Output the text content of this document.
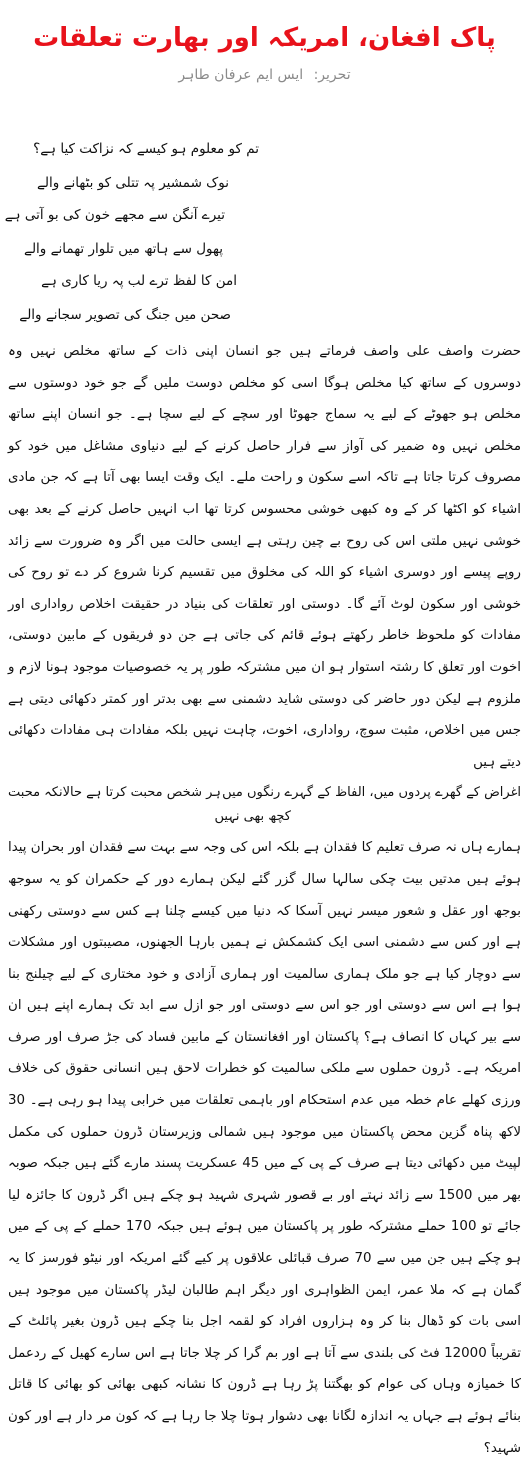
پاک افغان، امریکہ اور بھارت تعلقات
تحریر: ایس ایم عرفان طاہر
تم کو معلوم ہو کیسے کہ نزاکت کیا ہے؟
نوک شمشیر پہ تتلی کو بٹھانے والے
تیرے آنگن سے مجھے خون کی بو آتی ہے
پھول سے ہاتھ میں تلوار تھمانے والے
امن کا لفظ ترے لب پہ ریا کاری ہے
صحن میں جنگ کی تصویر سجانے والے

حضرت واصف علی واصف فرماتے ہیں جو انسان اپنی ذات کے ساتھ مخلص نہیں وہ دوسروں کے ساتھ کیا مخلص ہوگا اسی کو مخلص دوست ملیں گے جو خود دوستوں سے مخلص ہو جھوٹے کے لیے یہ سماج جھوٹا اور سچے کے لیے سچا ہے۔ جو انسان اپنے ساتھ مخلص نہیں وہ ضمیر کی آواز سے فرار حاصل کرنے کے لیے دنیاوی مشاغل میں خود کو مصروف کرتا جاتا ہے تاکہ اسے سکون و راحت ملے۔ ایک وقت ایسا بھی آتا ہے کہ جن مادی اشیاء کو اکٹھا کر کے وہ کبھی خوشی محسوس کرتا تھا اب انہیں حاصل کرنے کے بعد بھی خوشی نہیں ملتی اس کی روح بے چین رہتی ہے ایسی حالت میں اگر وہ ضرورت سے زائد روپے پیسے اور دوسری اشیاء کو اللہ کی مخلوق میں تقسیم کرنا شروع کر دے تو روح کی خوشی اور سکون لوٹ آئے گا۔ دوستی اور تعلقات کی بنیاد در حقیقت اخلاص رواداری اور مفادات کو ملحوظ خاطر رکھتے ہوئے قائم کی جاتی ہے جن دو فریقوں کے مابین دوستی، اخوت اور تعلق کا رشتہ استوار ہو ان میں مشترکہ طور پر یہ خصوصیات موجود ہونا لازم و ملزوم ہے لیکن دور حاضر کی دوستی شاید دشمنی سے بھی بدتر اور کمتر دکھائی دیتی ہے جس میں اخلاص، مثبت سوچ، رواداری، اخوت، چاہت نہیں بلکہ مفادات ہی مفادات دکھائی دیتے ہیں

اغراض کے گھرے پردوں میں، الفاظ کے گہرے رنگوں میں
ہر شخص محبت کرتا ہے حالانکہ محبت
کچھ بھی نہیں

ہمارے ہاں نہ صرف تعلیم کا فقدان ہے بلکہ اس کی وجہ سے بہت سے فقدان اور بحران پیدا ہوئے ہیں مدتیں بیت چکی سالہا سال گزر گئے لیکن ہمارے دور کے حکمران کو یہ سوجھ بوجھ اور عقل و شعور میسر نہیں آسکا کہ دنیا میں کیسے چلنا ہے کس سے دوستی رکھنی ہے اور کس سے دشمنی اسی ایک کشمکش نے ہمیں بارہا الجھنوں، مصیبتوں اور مشکلات سے دوچار کیا ہے جو ملک ہماری سالمیت اور ہماری آزادی و خود مختاری کے لیے چیلنج بنا ہوا ہے اس سے دوستی اور جو اس سے دوستی اور جو ازل سے ابد تک ہمارے اپنے ہیں ان سے بیر کہاں کا انصاف ہے؟ پاکستان اور افغانستان کے مابین فساد کی جڑ صرف اور صرف امریکہ ہے۔ ڈرون حملوں سے ملکی سالمیت کو خطرات لاحق ہیں انسانی حقوق کی خلاف ورزی کھلے عام خطہ میں عدم استحکام اور باہمی تعلقات میں خرابی پیدا ہو رہی ہے۔ 30 لاکھ پناہ گزین محض پاکستان میں موجود ہیں شمالی وزیرستان ڈرون حملوں کی مکمل لپیٹ میں دکھائی دیتا ہے صرف کے پی کے میں 45 عسکریت پسند مارے گئے ہیں جبکہ صوبہ بھر میں 1500 سے زائد نہتے اور بے قصور شہری شہید ہو چکے ہیں اگر ڈرون کا جائزہ لیا جائے تو 100 حملے مشترکہ طور پر پاکستان میں ہوئے ہیں جبکہ 170 حملے کے پی کے میں ہو چکے ہیں جن میں سے 70 صرف قبائلی علاقوں پر کیے گئے امریکہ اور نیٹو فورسز کا یہ گمان ہے کہ ملا عمر، ایمن الظواہری اور دیگر اہم طالبان لیڈر پاکستان میں موجود ہیں اسی بات کو ڈھال بنا کر وہ ہزاروں افراد کو لقمہ اجل بنا چکے ہیں ڈرون بغیر پائلٹ کے تقریباً 12000 فٹ کی بلندی سے آتا ہے اور بم گرا کر چلا جاتا ہے اس سارے کھیل کے ردعمل کا خمیازہ وہاں کی عوام کو بھگتنا پڑ رہا ہے ڈرون کا نشانہ کبھی بھائی کو بھائی کا قاتل بنائے ہوئے ہے جہاں یہ اندازہ لگانا بھی دشوار ہوتا چلا جا رہا ہے کہ کون مر دار ہے اور کون شہید؟
